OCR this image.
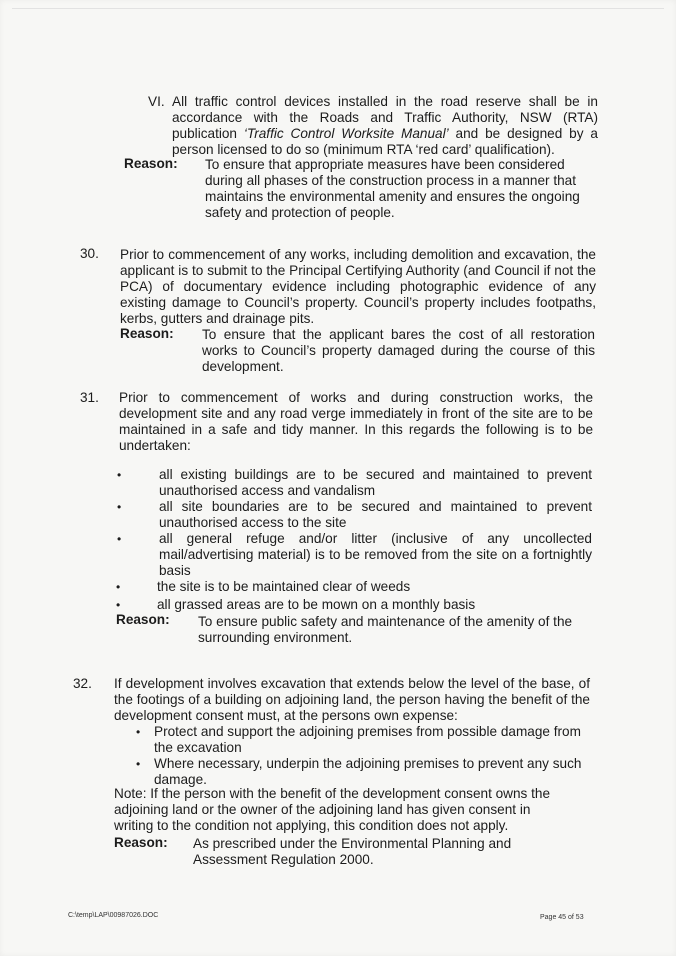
VI. All traffic control devices installed in the road reserve shall be in accordance with the Roads and Traffic Authority, NSW (RTA) publication ‘Traffic Control Worksite Manual’ and be designed by a person licensed to do so (minimum RTA ‘red card’ qualification).
Reason: To ensure that appropriate measures have been considered during all phases of the construction process in a manner that maintains the environmental amenity and ensures the ongoing safety and protection of people.
30. Prior to commencement of any works, including demolition and excavation, the applicant is to submit to the Principal Certifying Authority (and Council if not the PCA) of documentary evidence including photographic evidence of any existing damage to Council’s property. Council’s property includes footpaths, kerbs, gutters and drainage pits.
Reason: To ensure that the applicant bares the cost of all restoration works to Council’s property damaged during the course of this development.
31. Prior to commencement of works and during construction works, the development site and any road verge immediately in front of the site are to be maintained in a safe and tidy manner. In this regards the following is to be undertaken:
•	all existing buildings are to be secured and maintained to prevent unauthorised access and vandalism
•	all site boundaries are to be secured and maintained to prevent unauthorised access to the site
•	all general refuge and/or litter (inclusive of any uncollected mail/advertising material) is to be removed from the site on a fortnightly basis
•	the site is to be maintained clear of weeds
•	all grassed areas are to be mown on a monthly basis
Reason: To ensure public safety and maintenance of the amenity of the surrounding environment.
32. If development involves excavation that extends below the level of the base, of the footings of a building on adjoining land, the person having the benefit of the development consent must, at the persons own expense:
• Protect and support the adjoining premises from possible damage from the excavation
• Where necessary, underpin the adjoining premises to prevent any such damage.
Note: If the person with the benefit of the development consent owns the adjoining land or the owner of the adjoining land has given consent in writing to the condition not applying, this condition does not apply.
Reason: As prescribed under the Environmental Planning and Assessment Regulation 2000.
C:\temp\LAP\00987026.DOC	Page 45 of 53
